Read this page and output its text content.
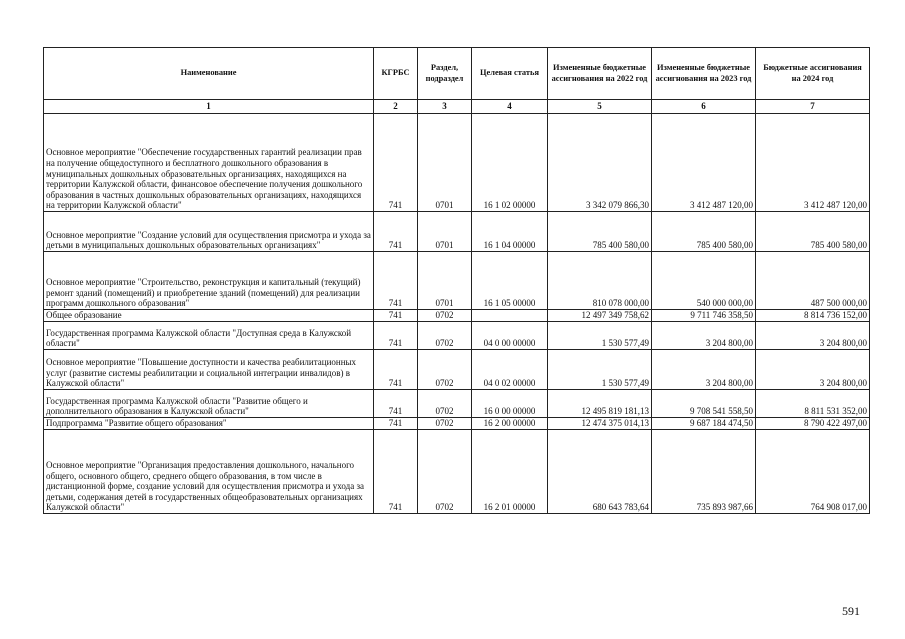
Наименование	КГРБС	Раздел, подраздел	Целевая статья	Измененные бюджетные ассигнования на 2022 год	Измененные бюджетные ассигнования на 2023 год	Бюджетные ассигнования на 2024 год
1	2	3	4	5	6	7
Основное мероприятие "Обеспечение государственных гарантий реализации прав на получение общедоступного и бесплатного дошкольного образования в муниципальных дошкольных образовательных организациях, находящихся на территории Калужской области, финансовое обеспечение получения дошкольного образования в частных дошкольных образовательных организациях, находящихся на территории Калужской области"	741	0701	16 1 02 00000	3 342 079 866,30	3 412 487 120,00	3 412 487 120,00
Основное мероприятие "Создание условий для осуществления присмотра и ухода за детьми в муниципальных дошкольных образовательных организациях"	741	0701	16 1 04 00000	785 400 580,00	785 400 580,00	785 400 580,00
Основное мероприятие "Строительство, реконструкция и капитальный (текущий) ремонт зданий (помещений) и приобретение зданий (помещений) для реализации программ дошкольного образования"	741	0701	16 1 05 00000	810 078 000,00	540 000 000,00	487 500 000,00
Общее образование	741	0702		12 497 349 758,62	9 711 746 358,50	8 814 736 152,00
Государственная программа Калужской области "Доступная среда в Калужской области"	741	0702	04 0 00 00000	1 530 577,49	3 204 800,00	3 204 800,00
Основное мероприятие "Повышение доступности и качества реабилитационных услуг (развитие системы реабилитации и социальной интеграции инвалидов) в Калужской области"	741	0702	04 0 02 00000	1 530 577,49	3 204 800,00	3 204 800,00
Государственная программа Калужской области "Развитие общего и дополнительного образования в Калужской области"	741	0702	16 0 00 00000	12 495 819 181,13	9 708 541 558,50	8 811 531 352,00
Подпрограмма "Развитие общего образования"	741	0702	16 2 00 00000	12 474 375 014,13	9 687 184 474,50	8 790 422 497,00
Основное мероприятие "Организация предоставления дошкольного, начального общего, основного общего, среднего общего образования, в том числе в дистанционной форме, создание условий для осуществления присмотра и ухода за детьми, содержания детей в государственных общеобразовательных организациях Калужской области"	741	0702	16 2 01 00000	680 643 783,64	735 893 987,66	764 908 017,00
591
